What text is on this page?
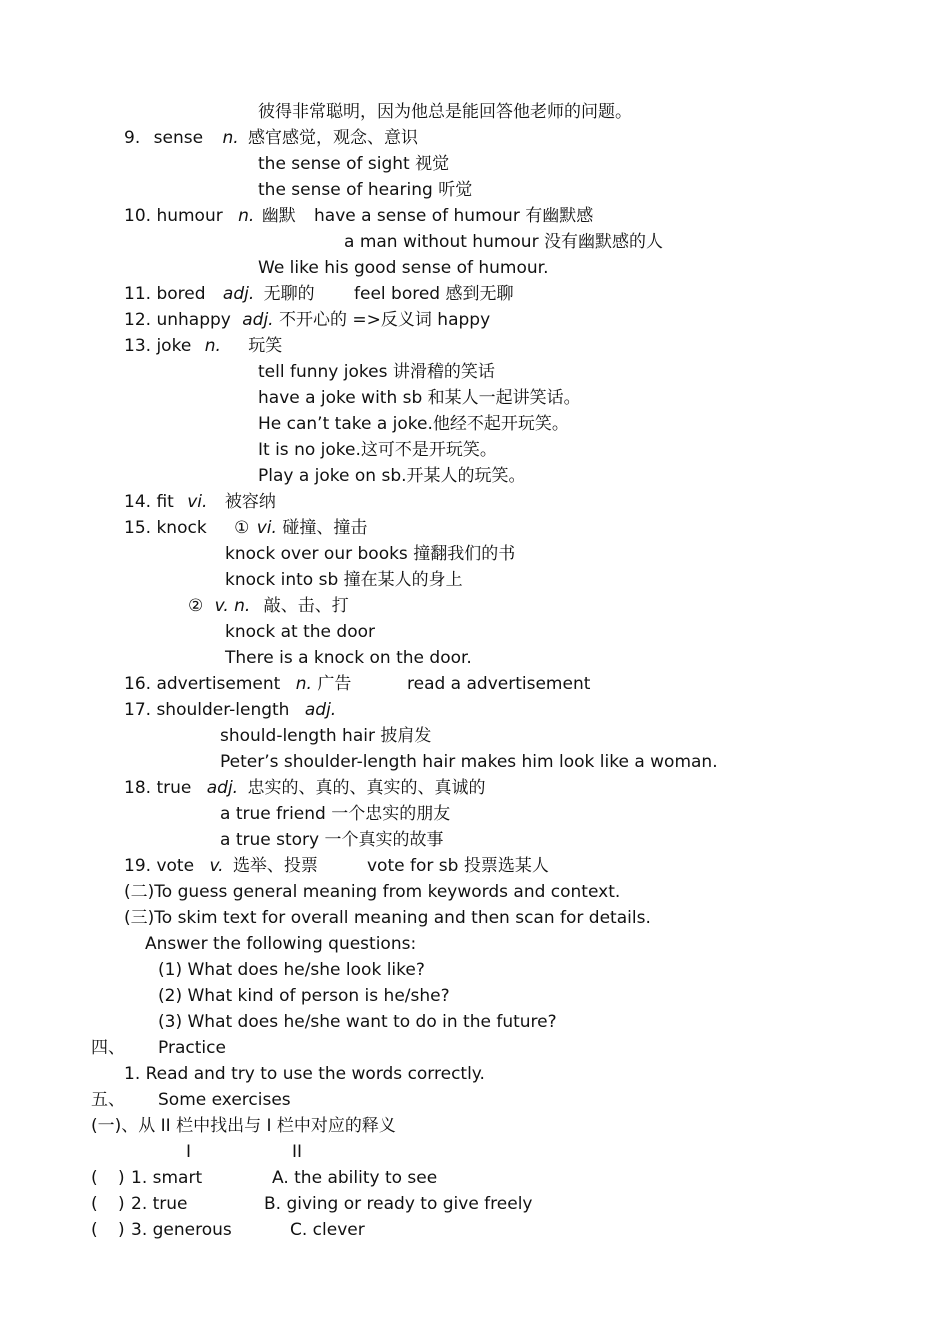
彼得非常聪明，因为他总是能回答他老师的问题。
9. sense n. 感官感觉，观念、意识
the sense of sight 视觉
the sense of hearing 听觉
10. humour n. 幽默 have a sense of humour 有幽默感
a man without humour 没有幽默感的人
We like his good sense of humour.
11. bored adj. 无聊的 feel bored 感到无聊
12. unhappy adj. 不开心的 =>反义词 happy
13. joke n. 玩笑
tell funny jokes 讲滑稽的笑话
have a joke with sb 和某人一起讲笑话。
He can’t take a joke.他经不起开玩笑。
It is no joke.这可不是开玩笑。
Play a joke on sb.开某人的玩笑。
14. fit vi. 被容纳
15. knock ① vi. 碰撞、撞击
knock over our books 撞翻我们的书
knock into sb 撞在某人的身上
② v. n. 敲、击、打
knock at the door
There is a knock on the door.
16. advertisement n. 广告	read a advertisement
17. shoulder-length adj.
should-length hair 披肩发
Peter’s shoulder-length hair makes him look like a woman.
18. true adj. 忠实的、真的、真实的、真诚的
a true friend 一个忠实的朋友
a true story 一个真实的故事
19. vote v. 选举、投票	vote for sb 投票选某人
(二)To guess general meaning from keywords and context.
(三)To skim text for overall meaning and then scan for details.
Answer the following questions:
(1) What does he/she look like?
(2) What kind of person is he/she?
(3) What does he/she want to do in the future?
四、 Practice
1. Read and try to use the words correctly.
五、 Some exercises
(一)、从 II 栏中找出与 I 栏中对应的释义
I	II
( ) 1. smart	A. the ability to see
( ) 2. true	B. giving or ready to give freely
( ) 3. generous	C. clever
